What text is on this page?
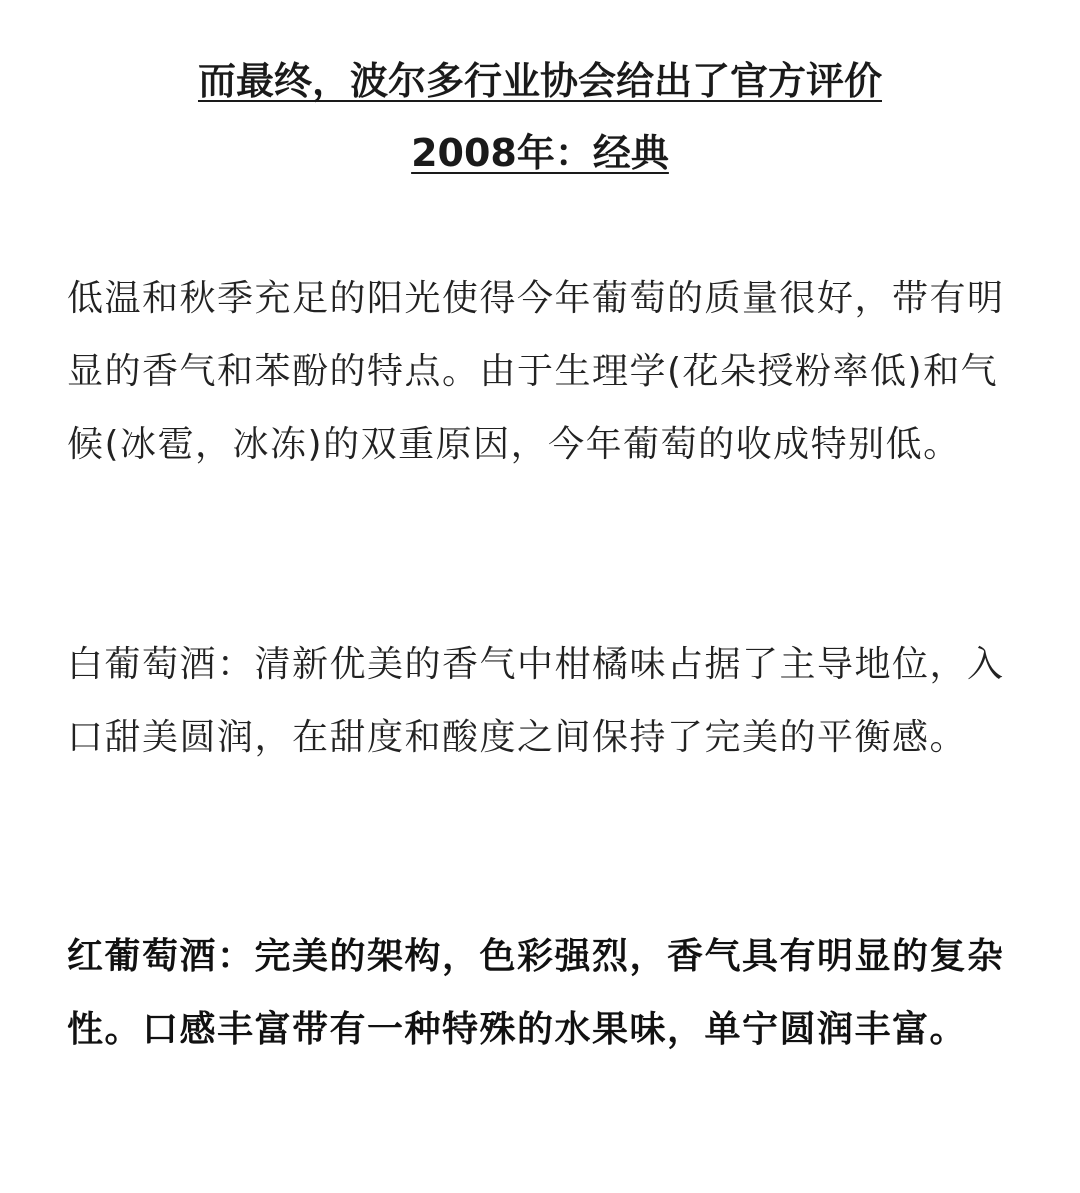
而最终，波尔多行业协会给出了官方评价
2008年：经典

低温和秋季充足的阳光使得今年葡萄的质量很好，带有明显的香气和苯酚的特点。由于生理学(花朵授粉率低)和气候(冰雹，冰冻)的双重原因，今年葡萄的收成特别低。

白葡萄酒：清新优美的香气中柑橘味占据了主导地位，入口甜美圆润，在甜度和酸度之间保持了完美的平衡感。

红葡萄酒：完美的架构，色彩强烈，香气具有明显的复杂性。口感丰富带有一种特殊的水果味，单宁圆润丰富。
